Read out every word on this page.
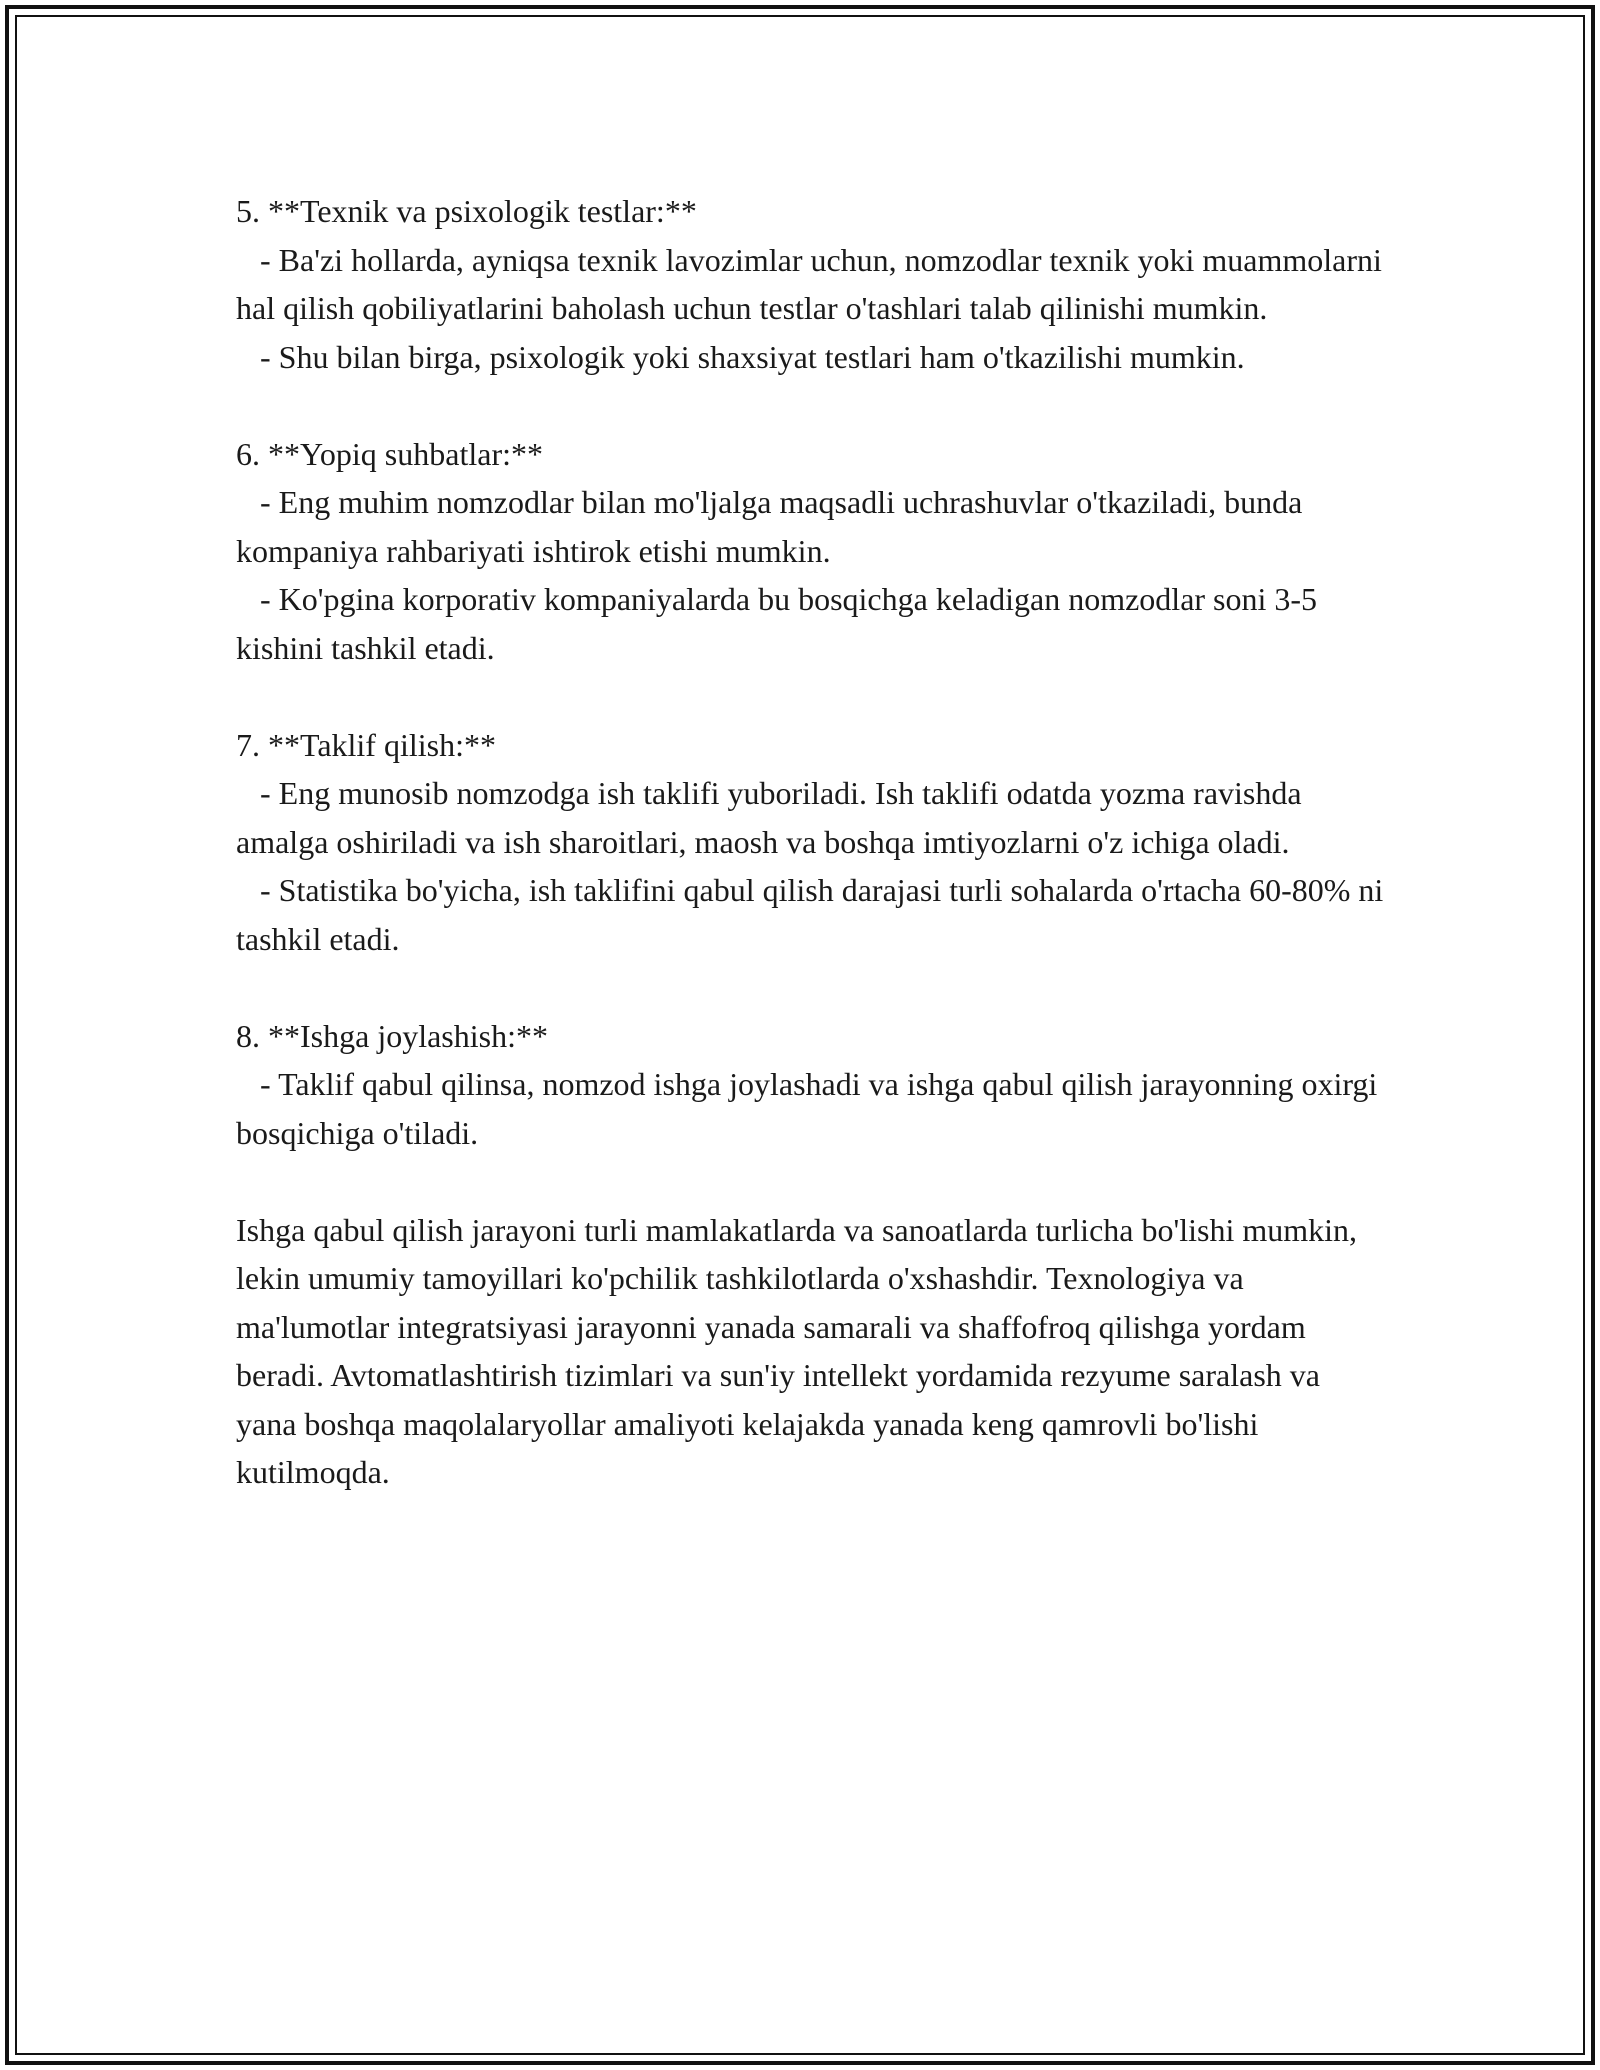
5. **Texnik va psixologik testlar:**

- Ba'zi hollarda, ayniqsa texnik lavozimlar uchun, nomzodlar texnik yoki muammolarni hal qilish qobiliyatlarini baholash uchun testlar o'tashlari talab qilinishi mumkin.

- Shu bilan birga, psixologik yoki shaxsiyat testlari ham o'tkazilishi mumkin.

6. **Yopiq suhbatlar:**

- Eng muhim nomzodlar bilan mo'ljalga maqsadli uchrashuvlar o'tkaziladi, bunda kompaniya rahbariyati ishtirok etishi mumkin.

- Ko'pgina korporativ kompaniyalarda bu bosqichga keladigan nomzodlar soni 3-5 kishini tashkil etadi.

7. **Taklif qilish:**

- Eng munosib nomzodga ish taklifi yuboriladi. Ish taklifi odatda yozma ravishda amalga oshiriladi va ish sharoitlari, maosh va boshqa imtiyozlarni o'z ichiga oladi.

- Statistika bo'yicha, ish taklifini qabul qilish darajasi turli sohalarda o'rtacha 60-80% ni tashkil etadi.

8. **Ishga joylashish:**

- Taklif qabul qilinsa, nomzod ishga joylashadi va ishga qabul qilish jarayonning oxirgi bosqichiga o'tiladi.

Ishga qabul qilish jarayoni turli mamlakatlarda va sanoatlarda turlicha bo'lishi mumkin, lekin umumiy tamoyillari ko'pchilik tashkilotlarda o'xshashdir. Texnologiya va ma'lumotlar integratsiyasi jarayonni yanada samarali va shaffofroq qilishga yordam beradi. Avtomatlashtirish tizimlari va sun'iy intellekt yordamida rezyume saralash va yana boshqa maqolalaryollar amaliyoti kelajakda yanada keng qamrovli bo'lishi kutilmoqda.
